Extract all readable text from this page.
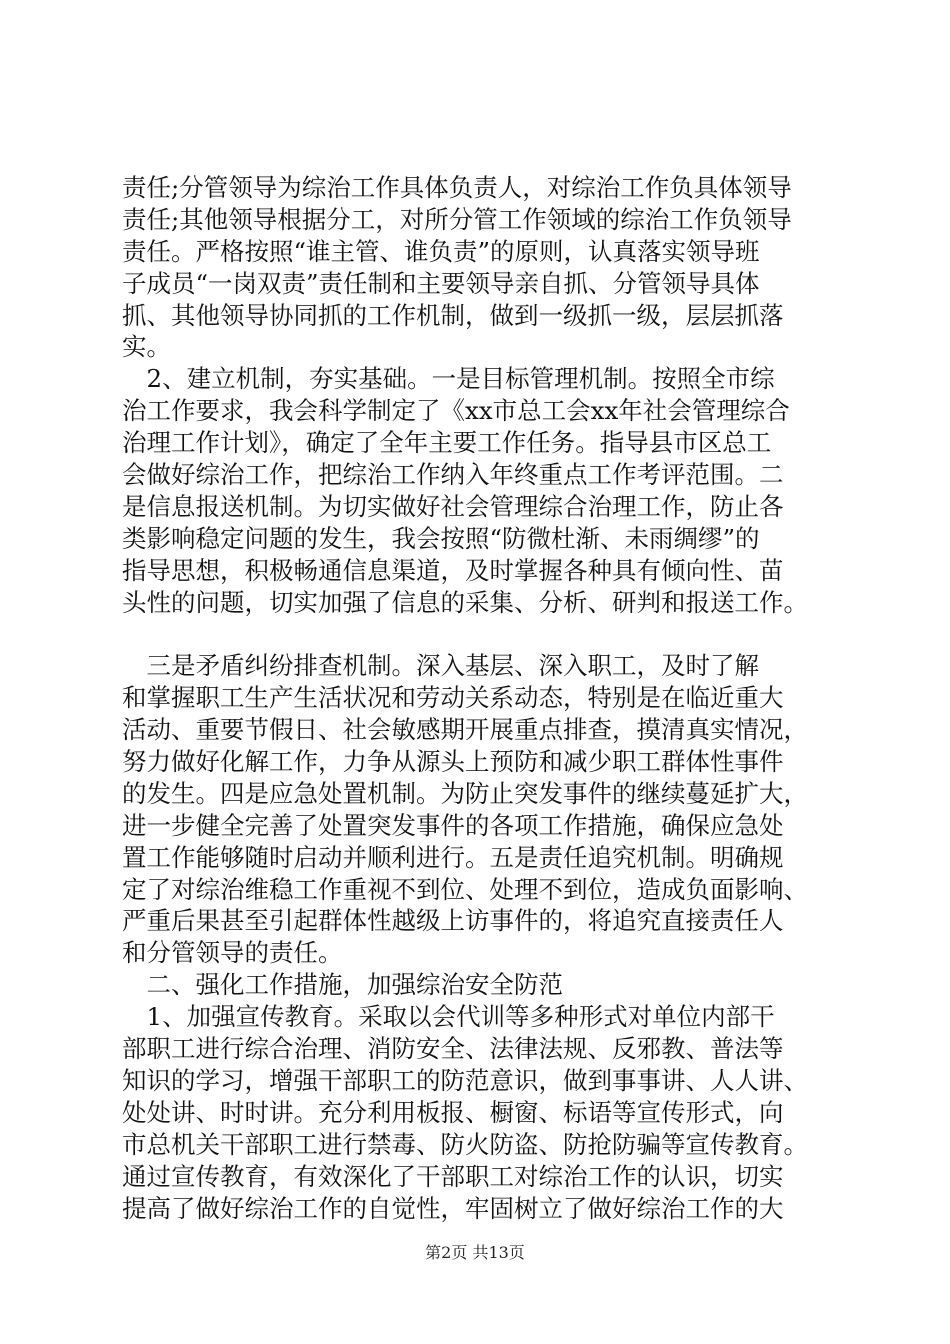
责任;分管领导为综治工作具体负责人，对综治工作负具体领导
责任;其他领导根据分工，对所分管工作领域的综治工作负领导
责任。严格按照“谁主管、谁负责”的原则，认真落实领导班
子成员“一岗双责”责任制和主要领导亲自抓、分管领导具体
抓、其他领导协同抓的工作机制，做到一级抓一级，层层抓落
实。
　2、建立机制，夯实基础。一是目标管理机制。按照全市综
治工作要求，我会科学制定了《xx市总工会xx年社会管理综合
治理工作计划》，确定了全年主要工作任务。指导县市区总工
会做好综治工作，把综治工作纳入年终重点工作考评范围。二
是信息报送机制。为切实做好社会管理综合治理工作，防止各
类影响稳定问题的发生，我会按照“防微杜渐、未雨绸缪”的
指导思想，积极畅通信息渠道，及时掌握各种具有倾向性、苗
头性的问题，切实加强了信息的采集、分析、研判和报送工作。
　三是矛盾纠纷排查机制。深入基层、深入职工，及时了解
和掌握职工生产生活状况和劳动关系动态，特别是在临近重大
活动、重要节假日、社会敏感期开展重点排查，摸清真实情况，
努力做好化解工作，力争从源头上预防和减少职工群体性事件
的发生。四是应急处置机制。为防止突发事件的继续蔓延扩大，
进一步健全完善了处置突发事件的各项工作措施，确保应急处
置工作能够随时启动并顺利进行。五是责任追究机制。明确规
定了对综治维稳工作重视不到位、处理不到位，造成负面影响、
严重后果甚至引起群体性越级上访事件的，将追究直接责任人
和分管领导的责任。
　二、强化工作措施，加强综治安全防范
　1、加强宣传教育。采取以会代训等多种形式对单位内部干
部职工进行综合治理、消防安全、法律法规、反邪教、普法等
知识的学习，增强干部职工的防范意识，做到事事讲、人人讲、
处处讲、时时讲。充分利用板报、橱窗、标语等宣传形式，向
市总机关干部职工进行禁毒、防火防盗、防抢防骗等宣传教育。
通过宣传教育，有效深化了干部职工对综治工作的认识，切实
提高了做好综治工作的自觉性，牢固树立了做好综治工作的大
第2页 共13页
